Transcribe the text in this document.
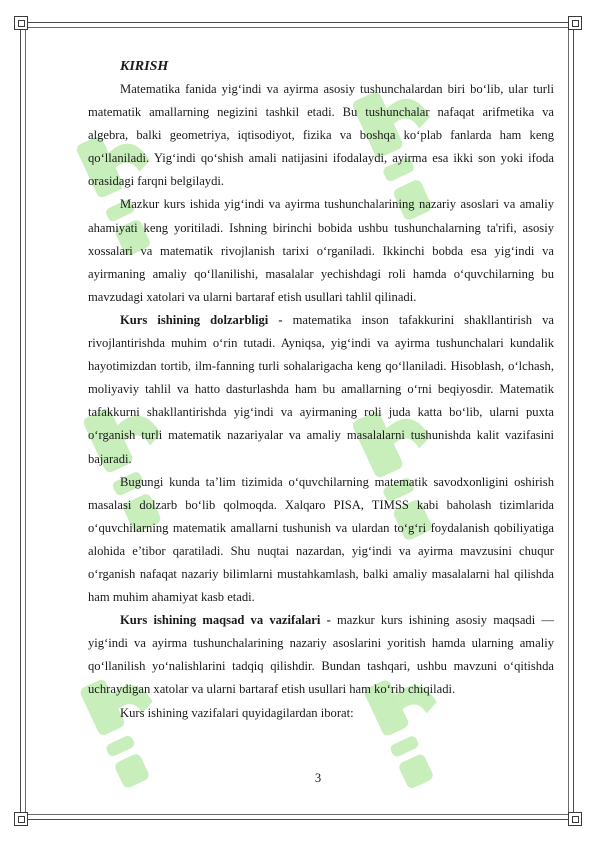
KIRISH

Matematika fanida yig‘indi va ayirma asosiy tushunchalardan biri bo‘lib, ular turli matematik amallarning negizini tashkil etadi. Bu tushunchalar nafaqat arifmetika va algebra, balki geometriya, iqtisodiyot, fizika va boshqa ko‘plab fanlarda ham keng qo‘llaniladi. Yig‘indi qo‘shish amali natijasini ifodalaydi, ayirma esa ikki son yoki ifoda orasidagi farqni belgilaydi.

Mazkur kurs ishida yig‘indi va ayirma tushunchalarining nazariy asoslari va amaliy ahamiyati keng yoritiladi. Ishning birinchi bobida ushbu tushunchalarning ta'rifi, asosiy xossalari va matematik rivojlanish tarixi o‘rganiladi. Ikkinchi bobda esa yig‘indi va ayirmaning amaliy qo‘llanilishi, masalalar yechishdagi roli hamda o‘quvchilarning bu mavzudagi xatolari va ularni bartaraf etish usullari tahlil qilinadi.

Kurs ishining dolzarbligi - matematika inson tafakkurini shakllantirish va rivojlantirishda muhim o‘rin tutadi. Ayniqsa, yig‘indi va ayirma tushunchalari kundalik hayotimizdan tortib, ilm-fanning turli sohalarigacha keng qo‘llaniladi. Hisoblash, o‘lchash, moliyaviy tahlil va hatto dasturlashda ham bu amallarning o‘rni beqiyosdir. Matematik tafakkurni shakllantirishda yig‘indi va ayirmaning roli juda katta bo‘lib, ularni puxta o‘rganish turli matematik nazariyalar va amaliy masalalarni tushunishda kalit vazifasini bajaradi.

Bugungi kunda ta’lim tizimida o‘quvchilarning matematik savodxonligini oshirish masalasi dolzarb bo‘lib qolmoqda. Xalqaro PISA, TIMSS kabi baholash tizimlarida o‘quvchilarning matematik amallarni tushunish va ulardan to‘g‘ri foydalanish qobiliyatiga alohida e’tibor qaratiladi. Shu nuqtai nazardan, yig‘indi va ayirma mavzusini chuqur o‘rganish nafaqat nazariy bilimlarni mustahkamlash, balki amaliy masalalarni hal qilishda ham muhim ahamiyat kasb etadi.

Kurs ishining maqsad va vazifalari - mazkur kurs ishining asosiy maqsadi — yig‘indi va ayirma tushunchalarining nazariy asoslarini yoritish hamda ularning amaliy qo‘llanilish yo‘nalishlarini tadqiq qilishdir. Bundan tashqari, ushbu mavzuni o‘qitishda uchraydigan xatolar va ularni bartaraf etish usullari ham ko‘rib chiqiladi.

Kurs ishining vazifalari quyidagilardan iborat:

3
